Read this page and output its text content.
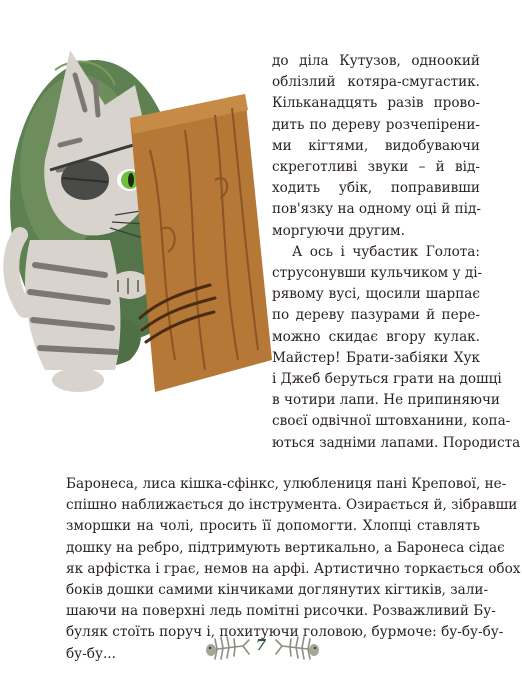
до діла Кутузов, одноокий
облізлий котяра-смугастик.
Кільканадцять разів прово-
дить по дереву розчепірени-
ми кігтями, видобуваючи
скреготливі звуки – й від-
ходить убік, поправивши
пов'язку на одному оці й під-
моргуючи другим.

А ось і чубастик Голота:
струсонувши кульчиком у ді-
рявому вусі, щосили шарпає
по дереву пазурами й пере-
можно скидає вгору кулак.
Майстер! Брати-забіяки Хук
і Джеб беруться грати на дошці
в чотири лапи. Не припиняючи
своєї одвічної штовханини, копа-
ються задніми лапами. Породиста

Баронеса, лиса кішка-сфінкс, улюблениця пані Крепової, не-
спішно наближається до інструмента. Озирається й, зібравши
зморшки на чолі, просить її допомогти. Хлопці ставлять
дошку на ребро, підтримують вертикально, а Баронеса сідає
як арфістка і грає, немов на арфі. Артистично торкається обох
боків дошки самими кінчиками доглянутих кігтиків, зали-
шаючи на поверхні ледь помітні рисочки. Розважливий Бу-
буляк стоїть поруч і, похитуючи головою, бурмоче: бу-бу-бу-
бу-бу...	7
